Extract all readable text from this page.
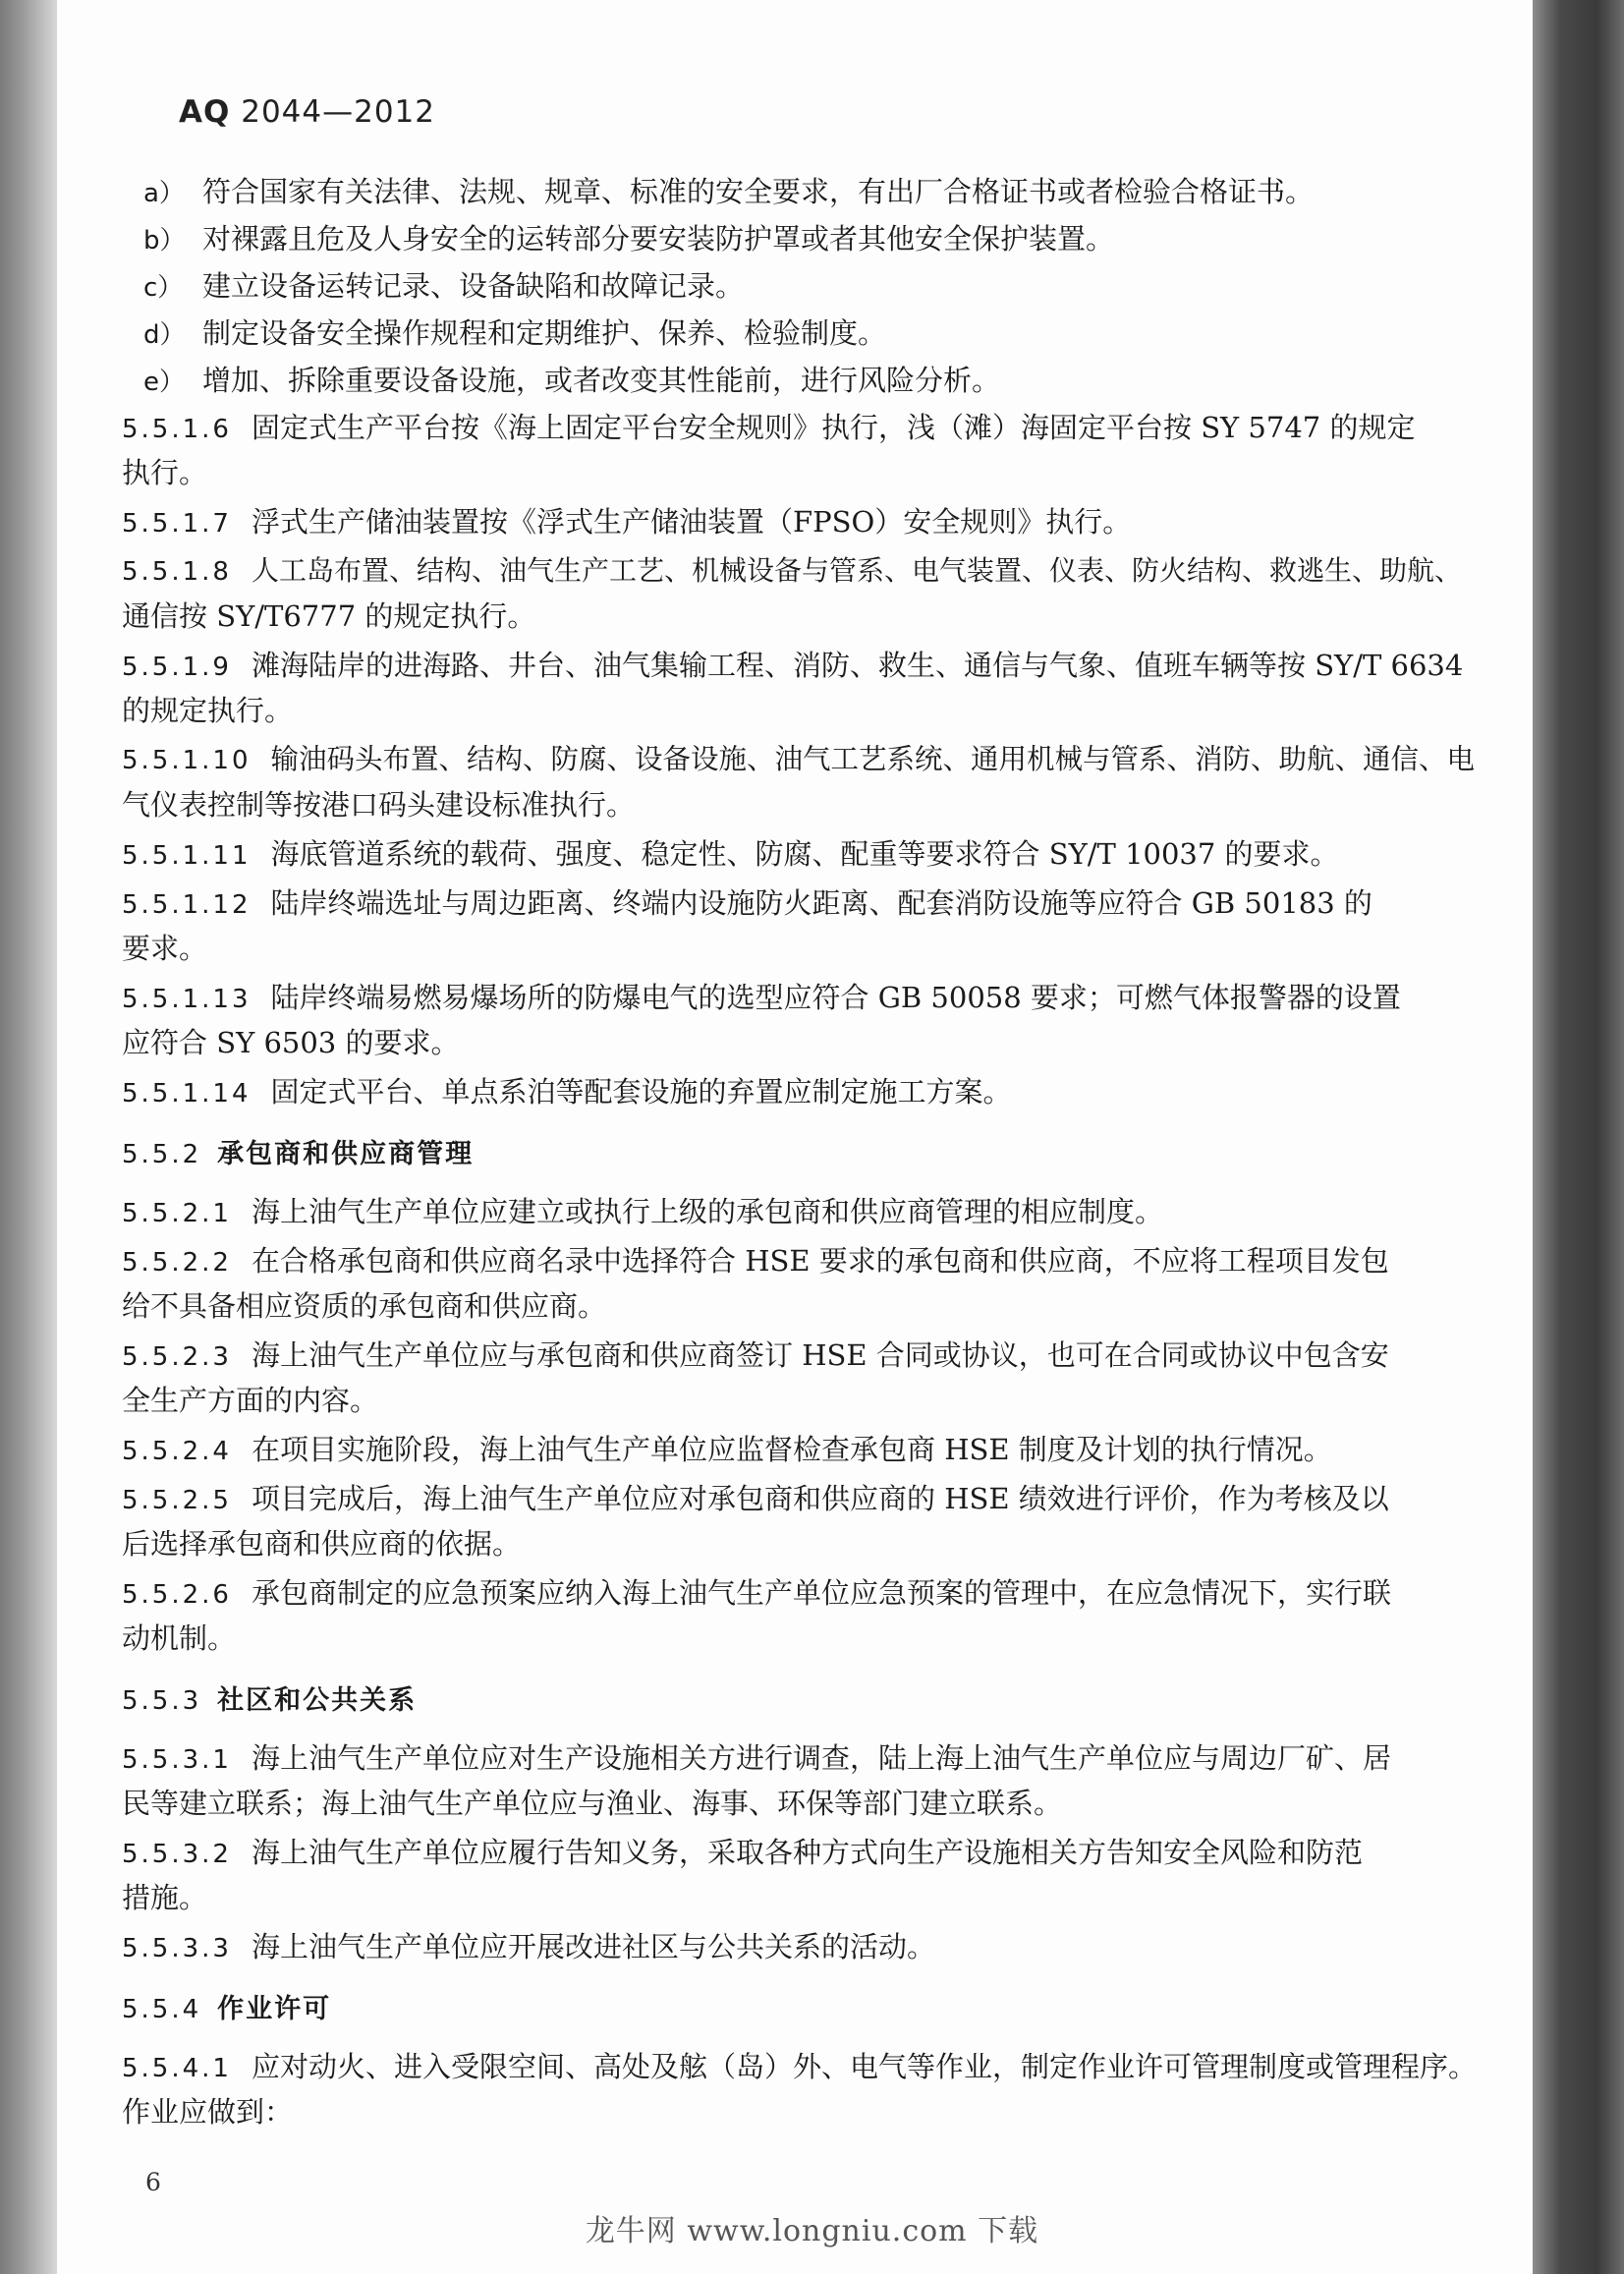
AQ 2044—2012
a） 符合国家有关法律、法规、规章、标准的安全要求，有出厂合格证书或者检验合格证书。
b） 对裸露且危及人身安全的运转部分要安装防护罩或者其他安全保护装置。
c） 建立设备运转记录、设备缺陷和故障记录。
d） 制定设备安全操作规程和定期维护、保养、检验制度。
e） 增加、拆除重要设备设施，或者改变其性能前，进行风险分析。
5.5.1.6 固定式生产平台按《海上固定平台安全规则》执行，浅（滩）海固定平台按 SY 5747 的规定
执行。
5.5.1.7 浮式生产储油装置按《浮式生产储油装置（FPSO）安全规则》执行。
5.5.1.8 人工岛布置、结构、油气生产工艺、机械设备与管系、电气装置、仪表、防火结构、救逃生、助航、
通信按 SY/T6777 的规定执行。
5.5.1.9 滩海陆岸的进海路、井台、油气集输工程、消防、救生、通信与气象、值班车辆等按 SY/T 6634
的规定执行。
5.5.1.10 输油码头布置、结构、防腐、设备设施、油气工艺系统、通用机械与管系、消防、助航、通信、电
气仪表控制等按港口码头建设标准执行。
5.5.1.11 海底管道系统的载荷、强度、稳定性、防腐、配重等要求符合 SY/T 10037 的要求。
5.5.1.12 陆岸终端选址与周边距离、终端内设施防火距离、配套消防设施等应符合 GB 50183 的
要求。
5.5.1.13 陆岸终端易燃易爆场所的防爆电气的选型应符合 GB 50058 要求；可燃气体报警器的设置
应符合 SY 6503 的要求。
5.5.1.14 固定式平台、单点系泊等配套设施的弃置应制定施工方案。
5.5.2 承包商和供应商管理
5.5.2.1 海上油气生产单位应建立或执行上级的承包商和供应商管理的相应制度。
5.5.2.2 在合格承包商和供应商名录中选择符合 HSE 要求的承包商和供应商，不应将工程项目发包
给不具备相应资质的承包商和供应商。
5.5.2.3 海上油气生产单位应与承包商和供应商签订 HSE 合同或协议，也可在合同或协议中包含安
全生产方面的内容。
5.5.2.4 在项目实施阶段，海上油气生产单位应监督检查承包商 HSE 制度及计划的执行情况。
5.5.2.5 项目完成后，海上油气生产单位应对承包商和供应商的 HSE 绩效进行评价，作为考核及以
后选择承包商和供应商的依据。
5.5.2.6 承包商制定的应急预案应纳入海上油气生产单位应急预案的管理中，在应急情况下，实行联
动机制。
5.5.3 社区和公共关系
5.5.3.1 海上油气生产单位应对生产设施相关方进行调查，陆上海上油气生产单位应与周边厂矿、居
民等建立联系；海上油气生产单位应与渔业、海事、环保等部门建立联系。
5.5.3.2 海上油气生产单位应履行告知义务，采取各种方式向生产设施相关方告知安全风险和防范
措施。
5.5.3.3 海上油气生产单位应开展改进社区与公共关系的活动。
5.5.4 作业许可
5.5.4.1 应对动火、进入受限空间、高处及舷（岛）外、电气等作业，制定作业许可管理制度或管理程序。
作业应做到：
6
龙牛网 www.longniu.com 下载
